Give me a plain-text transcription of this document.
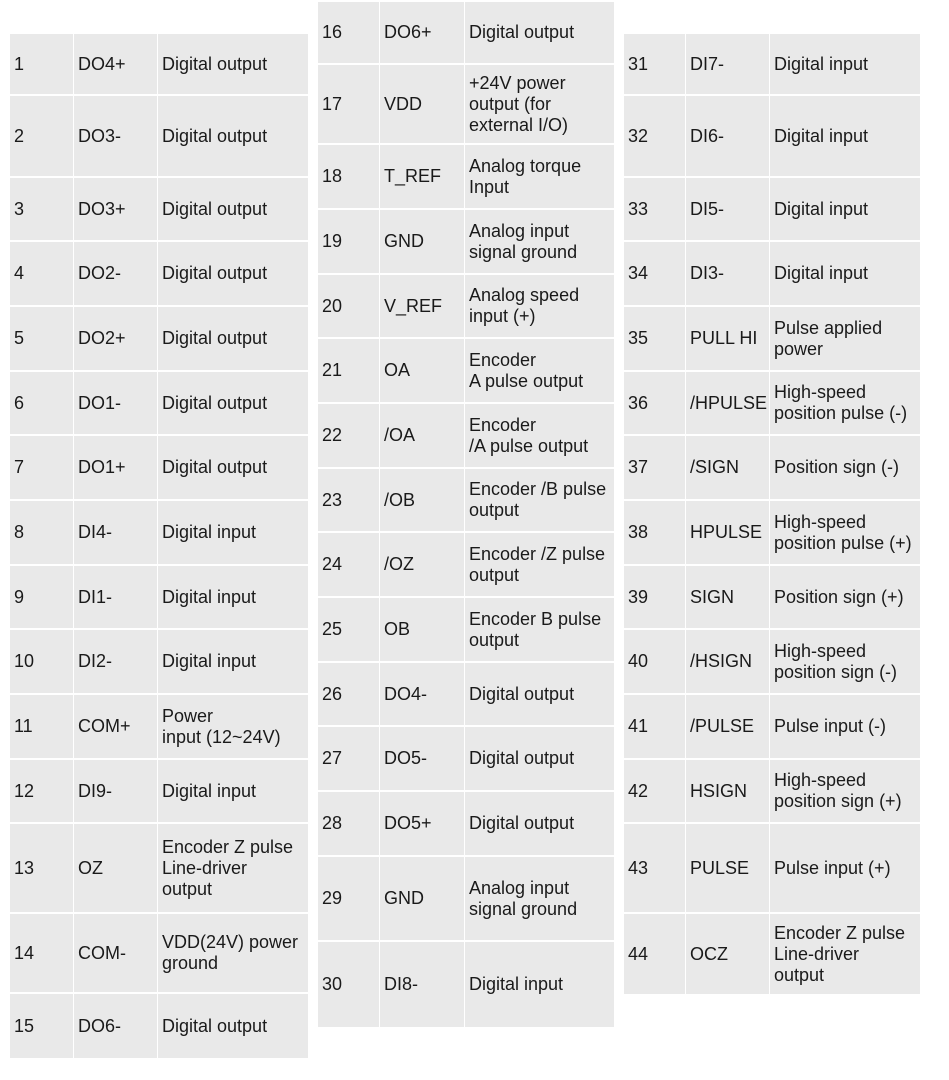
1	DO4+	Digital output
2	DO3-	Digital output
3	DO3+	Digital output
4	DO2-	Digital output
5	DO2+	Digital output
6	DO1-	Digital output
7	DO1+	Digital output
8	DI4-	Digital input
9	DI1-	Digital input
10	DI2-	Digital input
11	COM+	Power
input (12~24V)
12	DI9-	Digital input
13	OZ	Encoder Z pulse
Line-driver
output
14	COM-	VDD(24V) power
ground
15	DO6-	Digital output
16	DO6+	Digital output
17	VDD	+24V power
output (for
external I/O)
18	T_REF	Analog torque
Input
19	GND	Analog input
signal ground
20	V_REF	Analog speed
input (+)
21	OA	Encoder
A pulse output
22	/OA	Encoder
/A pulse output
23	/OB	Encoder /B pulse
output
24	/OZ	Encoder /Z pulse
output
25	OB	Encoder B pulse
output
26	DO4-	Digital output
27	DO5-	Digital output
28	DO5+	Digital output
29	GND	Analog input
signal ground
30	DI8-	Digital input
31	DI7-	Digital input
32	DI6-	Digital input
33	DI5-	Digital input
34	DI3-	Digital input
35	PULL HI	Pulse applied
power
36	/HPULSE	High-speed
position pulse (-)
37	/SIGN	Position sign (-)
38	HPULSE	High-speed
position pulse (+)
39	SIGN	Position sign (+)
40	/HSIGN	High-speed
position sign (-)
41	/PULSE	Pulse input (-)
42	HSIGN	High-speed
position sign (+)
43	PULSE	Pulse input (+)
44	OCZ	Encoder Z pulse
Line-driver
output
